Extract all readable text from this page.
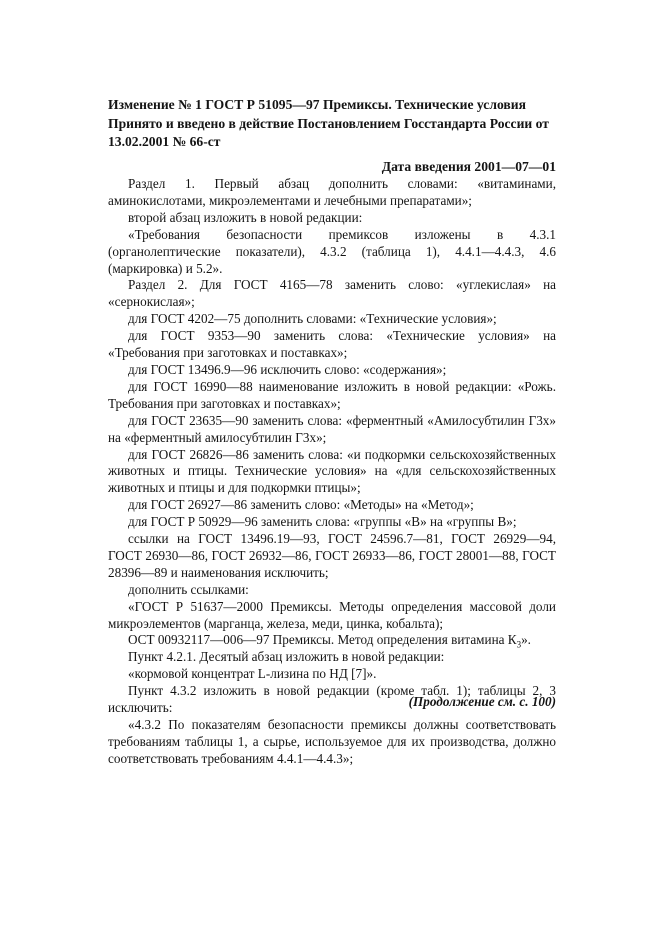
Изменение № 1 ГОСТ Р 51095—97 Премиксы. Технические условия

Принято и введено в действие Постановлением Госстандарта России от 13.02.2001 № 66-ст

Дата введения 2001—07—01

Раздел 1. Первый абзац дополнить словами: «витаминами, аминокислотами, микроэлементами и лечебными препаратами»;

второй абзац изложить в новой редакции:

«Требования безопасности премиксов изложены в 4.3.1 (органолептические показатели), 4.3.2 (таблица 1), 4.4.1—4.4.3, 4.6 (маркировка) и 5.2».

Раздел 2. Для ГОСТ 4165—78 заменить слово: «углекислая» на «сернокислая»;

для ГОСТ 4202—75 дополнить словами: «Технические условия»;

для ГОСТ 9353—90 заменить слова: «Технические условия» на «Требования при заготовках и поставках»;

для ГОСТ 13496.9—96 исключить слово: «содержания»;

для ГОСТ 16990—88 наименование изложить в новой редакции: «Рожь. Требования при заготовках и поставках»;

для ГОСТ 23635—90 заменить слова: «ферментный «Амилосубтилин Г3х» на «ферментный амилосубтилин Г3х»;

для ГОСТ 26826—86 заменить слова: «и подкормки сельскохозяйственных животных и птицы. Технические условия» на «для сельскохозяйственных животных и птицы и для подкормки птицы»;

для ГОСТ 26927—86 заменить слово: «Методы» на «Метод»;

для ГОСТ Р 50929—96 заменить слова: «группы «В» на «группы В»;

ссылки на ГОСТ 13496.19—93, ГОСТ 24596.7—81, ГОСТ 26929—94, ГОСТ 26930—86, ГОСТ 26932—86, ГОСТ 26933—86, ГОСТ 28001—88, ГОСТ 28396—89 и наименования исключить;

дополнить ссылками:

«ГОСТ Р 51637—2000 Премиксы. Методы определения массовой доли микроэлементов (марганца, железа, меди, цинка, кобальта);

ОСТ 00932117—006—97 Премиксы. Метод определения витамина $К_3$».

Пункт 4.2.1. Десятый абзац изложить в новой редакции:

«кормовой концентрат L-лизина по НД [7]».

Пункт 4.3.2 изложить в новой редакции (кроме табл. 1); таблицы 2, 3 исключить:

«4.3.2 По показателям безопасности премиксы должны соответствовать требованиям таблицы 1, а сырье, используемое для их производства, должно соответствовать требованиям 4.4.1—4.4.3»;

(Продолжение см. с. 100)
